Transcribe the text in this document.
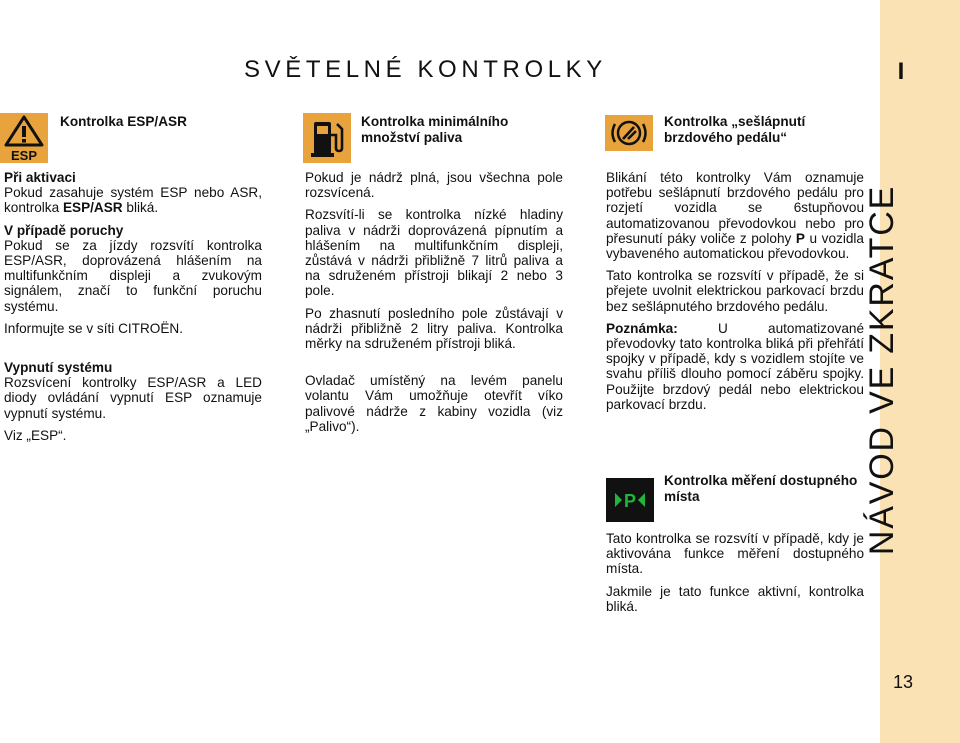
SVĚTELNÉ KONTROLKY	I
NÁVOD VE ZKRATCE
13
ESP
Kontrolka ESP/ASR
Při aktivaci

Pokud zasahuje systém ESP nebo ASR, kontrolka ESP/ASR bliká.

V případě poruchy

Pokud se za jízdy rozsvítí kontrolka ESP/ASR, doprovázená hlášením na multifunkčním displeji a zvukovým signálem, značí to funkční poruchu systému.

Informujte se v síti CITROËN.

Vypnutí systému

Rozsvícení kontrolky ESP/ASR a LED diody ovládání vypnutí ESP oznamuje vypnutí systému.

Viz „ESP“.

Kontrolka minimálního množství paliva

Pokud je nádrž plná, jsou všechna pole rozsvícená.

Rozsvítí-li se kontrolka nízké hladiny paliva v nádrži doprovázená pípnutím a hlášením na multifunkčním displeji, zůstává v nádrži přibližně 7 litrů paliva a na sdruženém přístroji blikají 2 nebo 3 pole.

Po zhasnutí posledního pole zůstávají v nádrži přibližně 2 litry paliva. Kontrolka měrky na sdruženém přístroji bliká.

Ovladač umístěný na levém panelu volantu Vám umožňuje otevřít víko palivové nádrže z kabiny vozidla (viz „Palivo“).

Kontrolka „sešlápnutí brzdového pedálu“

Blikání této kontrolky Vám oznamuje potřebu sešlápnutí brzdového pedálu pro rozjetí vozidla se 6stupňovou automatizovanou převodovkou nebo pro přesunutí páky voliče z polohy P u vozidla vybaveného automatickou převodovkou.

Tato kontrolka se rozsvítí v případě, že si přejete uvolnit elektrickou parkovací brzdu bez sešlápnutého brzdového pedálu.

Poznámka: U automatizované převodovky tato kontrolka bliká při přehřátí spojky v případě, kdy s vozidlem stojíte ve svahu příliš dlouho pomocí záběru spojky. Použijte brzdový pedál nebo elektrickou parkovací brzdu.

P
Kontrolka měření dostupného místa

Tato kontrolka se rozsvítí v případě, kdy je aktivována funkce měření dostupného místa.

Jakmile je tato funkce aktivní, kontrolka bliká.
